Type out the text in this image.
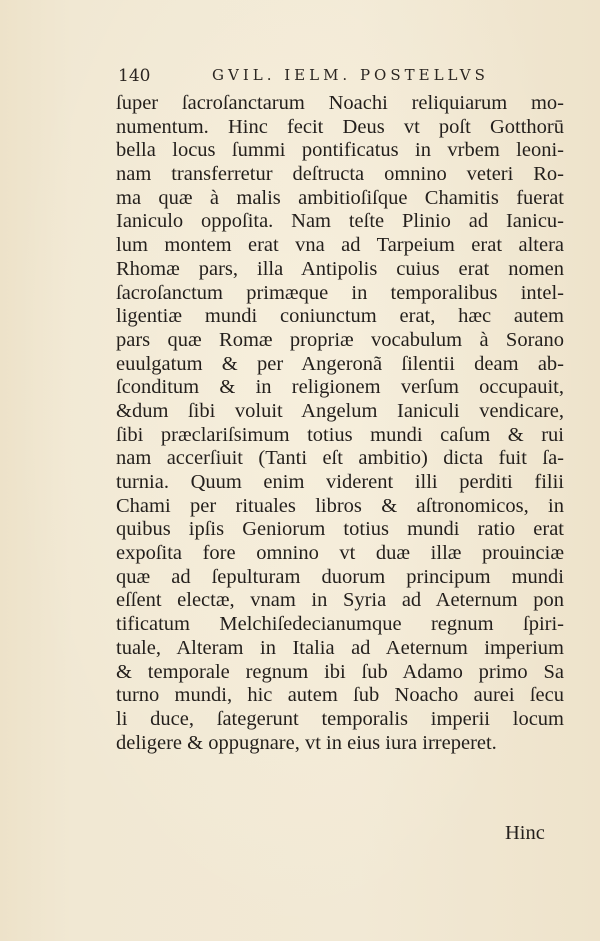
140	GVIL. IELM. POSTELLVS
ſuper ſacroſanctarum Noachi reliquiarum mo-
numentum. Hinc fecit Deus vt poſt Gotthorū
bella locus ſummi pontificatus in vrbem leoni-
nam transferretur deſtructa omnino veteri Ro-
ma quæ à malis ambitioſiſque Chamitis fuerat
Ianiculo oppoſita. Nam teſte Plinio ad Ianicu-
lum montem erat vna ad Tarpeium erat altera
Rhomæ pars, illa Antipolis cuius erat nomen
ſacroſanctum primæque in temporalibus intel-
ligentiæ mundi coniunctum erat, hæc autem
pars quæ Romæ propriæ vocabulum à Sorano
euulgatum & per Angeronã ſilentii deam ab-
ſconditum & in religionem verſum occupauit,
&dum ſibi voluit Angelum Ianiculi vendicare,
ſibi præclariſsimum totius mundi caſum & rui
nam accerſiuit (Tanti eſt ambitio) dicta fuit ſa-
turnia. Quum enim viderent illi perditi filii
Chami per rituales libros & aſtronomicos, in
quibus ipſis Geniorum totius mundi ratio erat
expoſita fore omnino vt duæ illæ prouinciæ
quæ ad ſepulturam duorum principum mundi
eſſent electæ, vnam in Syria ad Aeternum pon
tificatum Melchiſedecianumque regnum ſpiri-
tuale, Alteram in Italia ad Aeternum imperium
& temporale regnum ibi ſub Adamo primo Sa
turno mundi, hic autem ſub Noacho aurei ſecu
li duce, ſategerunt temporalis imperii locum
deligere & oppugnare, vt in eius iura irreperet.
Hinc
